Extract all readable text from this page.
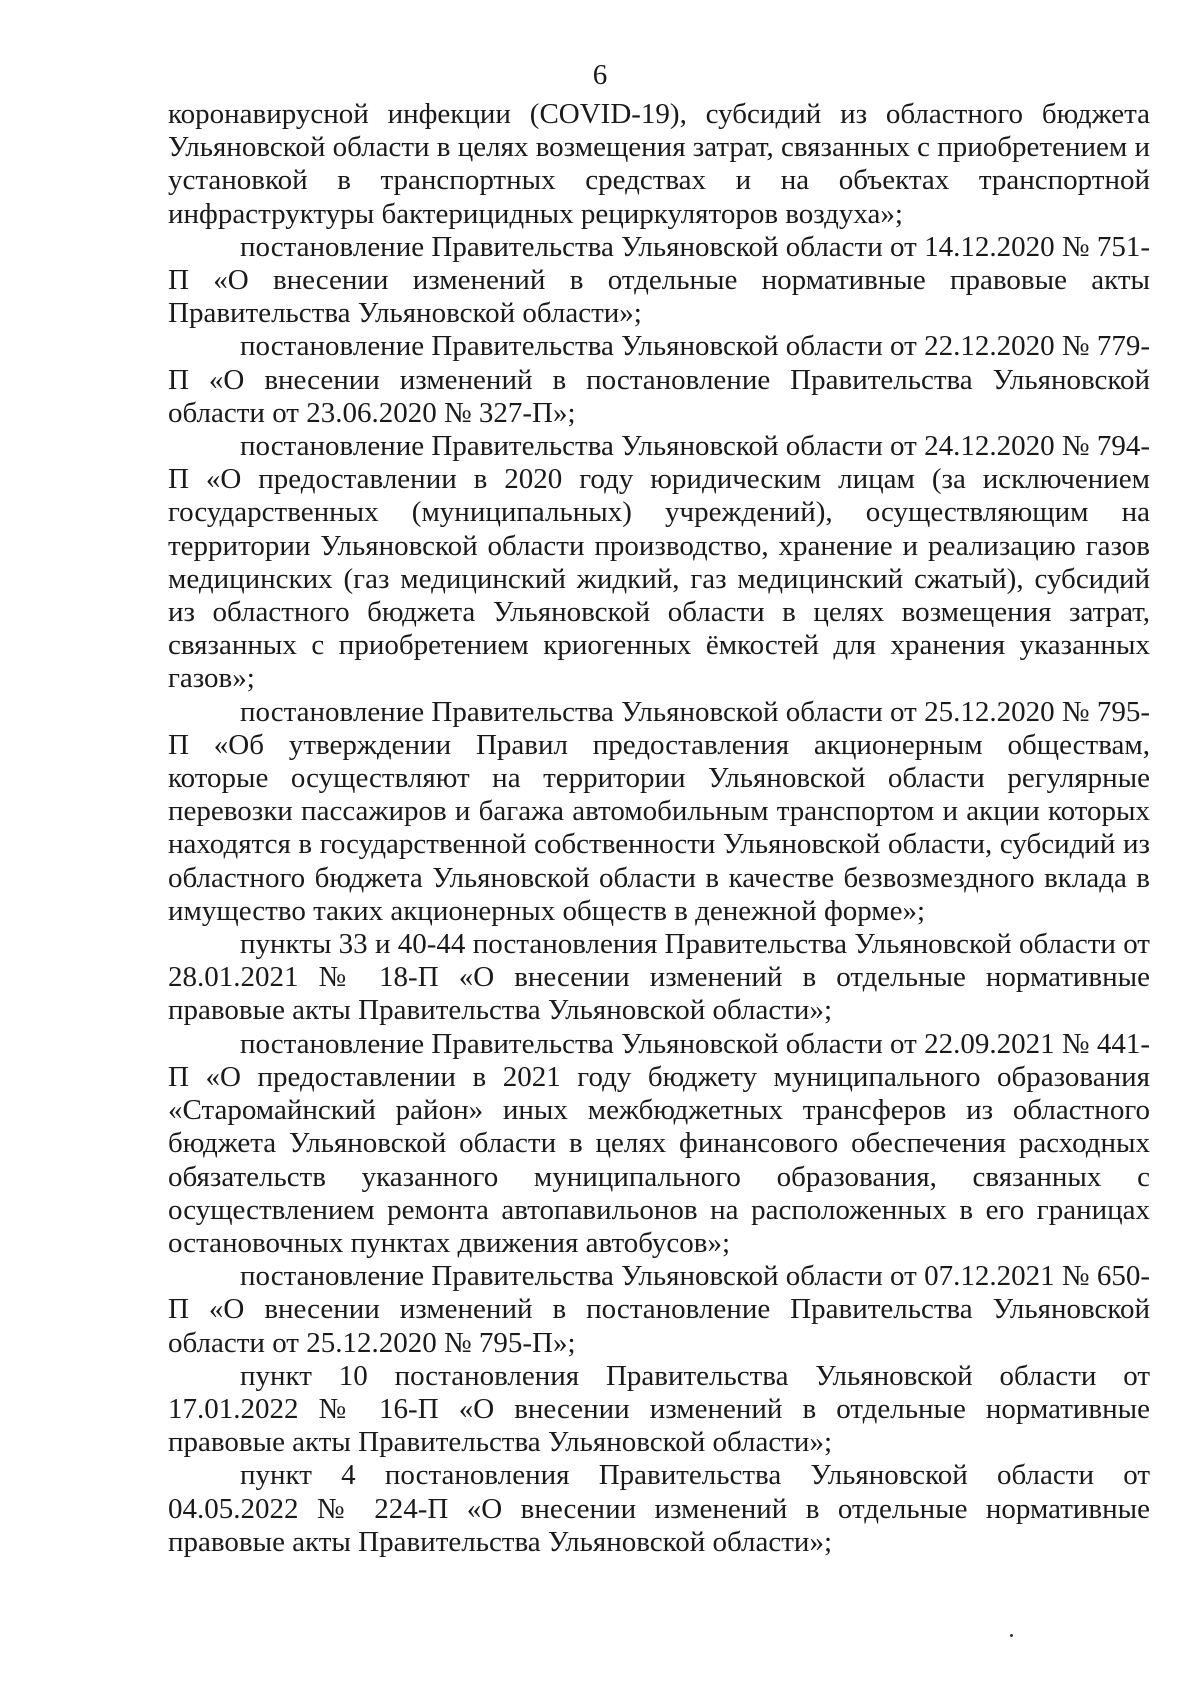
6

коронавирусной инфекции (COVID-19), субсидий из областного бюджета Ульяновской области в целях возмещения затрат, связанных с приобретением и установкой в транспортных средствах и на объектах транспортной инфраструктуры бактерицидных рециркуляторов воздуха»;

постановление Правительства Ульяновской области от 14.12.2020 № 751-П «О внесении изменений в отдельные нормативные правовые акты Правительства Ульяновской области»;

постановление Правительства Ульяновской области от 22.12.2020 № 779-П «О внесении изменений в постановление Правительства Ульяновской области от 23.06.2020 № 327-П»;

постановление Правительства Ульяновской области от 24.12.2020 № 794-П «О предоставлении в 2020 году юридическим лицам (за исключением государственных (муниципальных) учреждений), осуществляющим на территории Ульяновской области производство, хранение и реализацию газов медицинских (газ медицинский жидкий, газ медицинский сжатый), субсидий из областного бюджета Ульяновской области в целях возмещения затрат, связанных с приобретением криогенных ёмкостей для хранения указанных газов»;

постановление Правительства Ульяновской области от 25.12.2020 № 795-П «Об утверждении Правил предоставления акционерным обществам, которые осуществляют на территории Ульяновской области регулярные перевозки пассажиров и багажа автомобильным транспортом и акции которых находятся в государственной собственности Ульяновской области, субсидий из областного бюджета Ульяновской области в качестве безвозмездного вклада в имущество таких акционерных обществ в денежной форме»;

пункты 33 и 40-44 постановления Правительства Ульяновской области от 28.01.2021 № 18-П «О внесении изменений в отдельные нормативные правовые акты Правительства Ульяновской области»;

постановление Правительства Ульяновской области от 22.09.2021 № 441-П «О предоставлении в 2021 году бюджету муниципального образования «Старомайнский район» иных межбюджетных трансферов из областного бюджета Ульяновской области в целях финансового обеспечения расходных обязательств указанного муниципального образования, связанных с осуществлением ремонта автопавильонов на расположенных в его границах остановочных пунктах движения автобусов»;

постановление Правительства Ульяновской области от 07.12.2021 № 650-П «О внесении изменений в постановление Правительства Ульяновской области от 25.12.2020 № 795-П»;

пункт 10 постановления Правительства Ульяновской области от 17.01.2022 № 16-П «О внесении изменений в отдельные нормативные правовые акты Правительства Ульяновской области»;

пункт 4 постановления Правительства Ульяновской области от 04.05.2022 № 224-П «О внесении изменений в отдельные нормативные правовые акты Правительства Ульяновской области»;
